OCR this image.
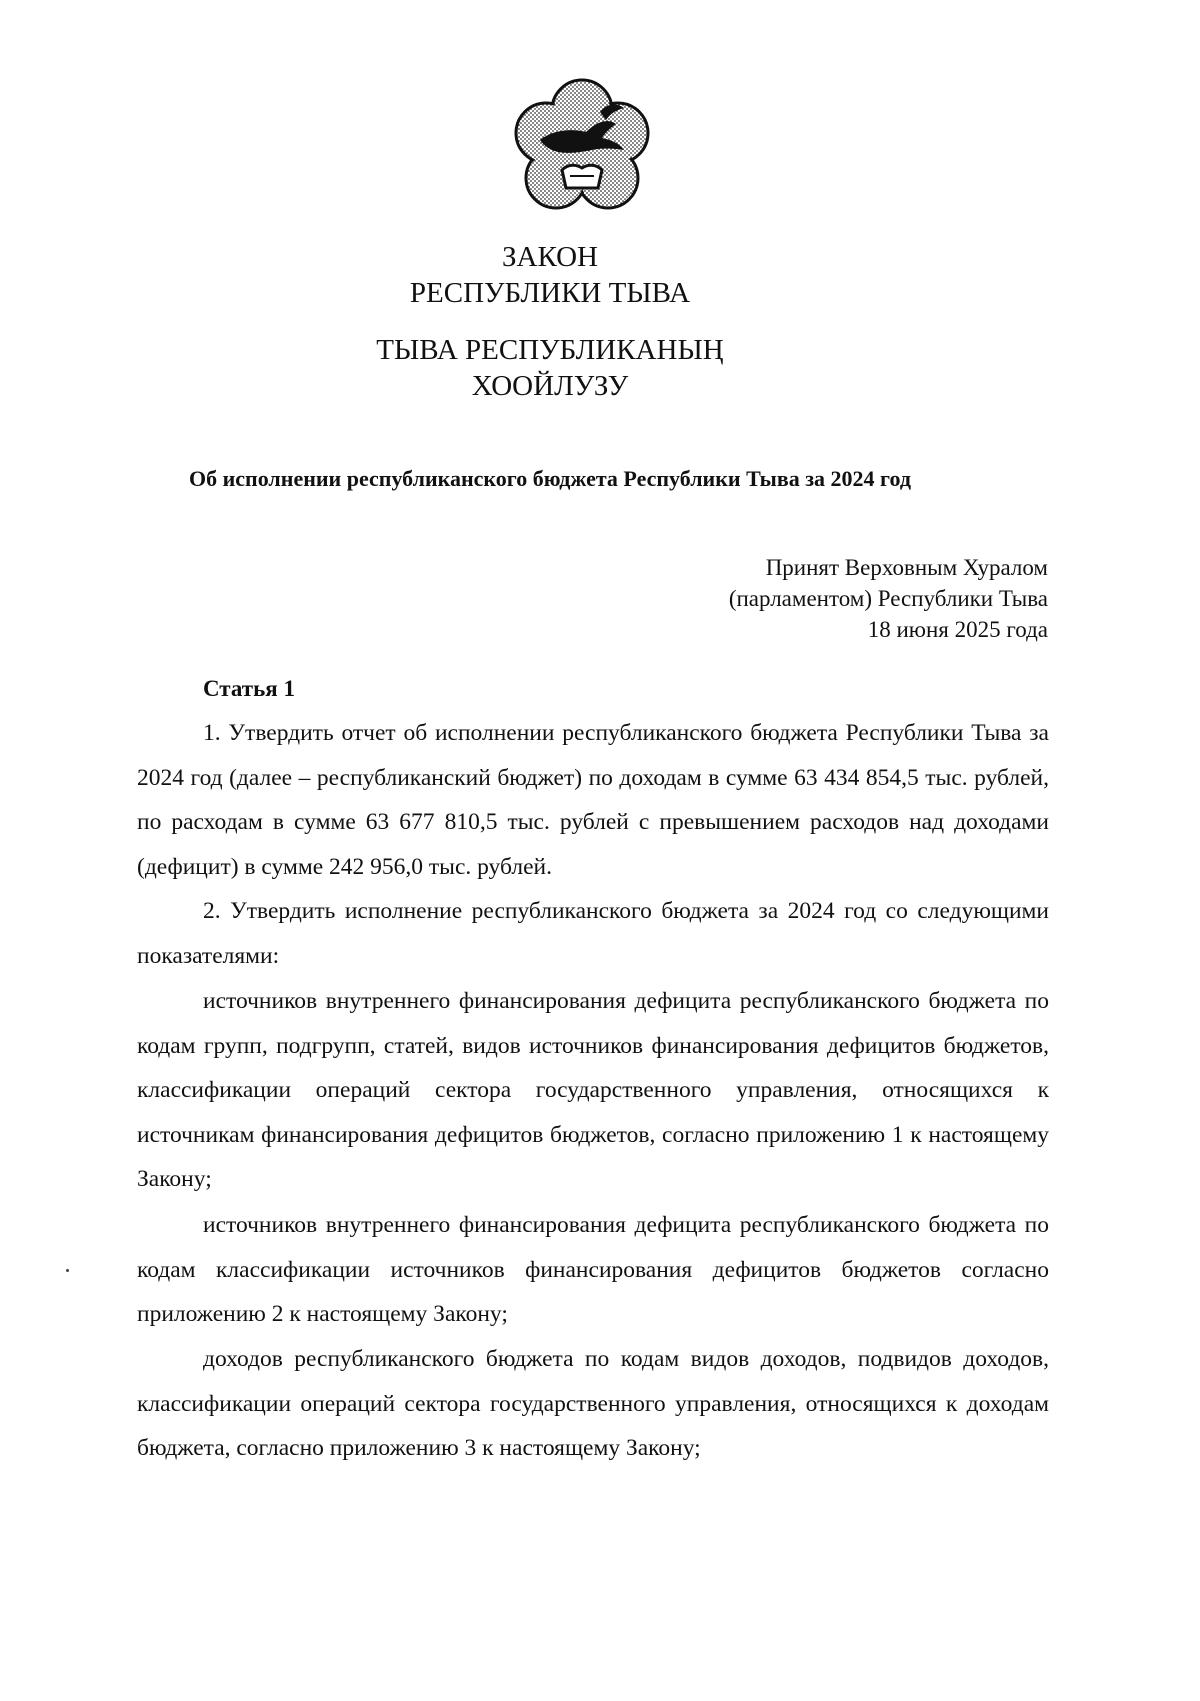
ЗАКОН
РЕСПУБЛИКИ ТЫВА
ТЫВА РЕСПУБЛИКАНЫҢ
ХООЙЛУЗУ
Об исполнении республиканского бюджета Республики Тыва за 2024 год
Принят Верховным Хуралом
(парламентом) Республики Тыва
18 июня 2025 года
Статья 1

1. Утвердить отчет об исполнении республиканского бюджета Республики Тыва за 2024 год (далее – республиканский бюджет) по доходам в сумме 63 434 854,5 тыс. рублей, по расходам в сумме 63 677 810,5 тыс. рублей с превышением расходов над доходами (дефицит) в сумме 242 956,0 тыс. рублей.

2. Утвердить исполнение республиканского бюджета за 2024 год со следующими показателями:

источников внутреннего финансирования дефицита республиканского бюджета по кодам групп, подгрупп, статей, видов источников финансирования дефицитов бюджетов, классификации операций сектора государственного управления, относящихся к источникам финансирования дефицитов бюджетов, согласно приложению 1 к настоящему Закону;

источников внутреннего финансирования дефицита республиканского бюджета по кодам классификации источников финансирования дефицитов бюджетов согласно приложению 2 к настоящему Закону;

доходов республиканского бюджета по кодам видов доходов, подвидов доходов, классификации операций сектора государственного управления, относящихся к доходам бюджета, согласно приложению 3 к настоящему Закону;
